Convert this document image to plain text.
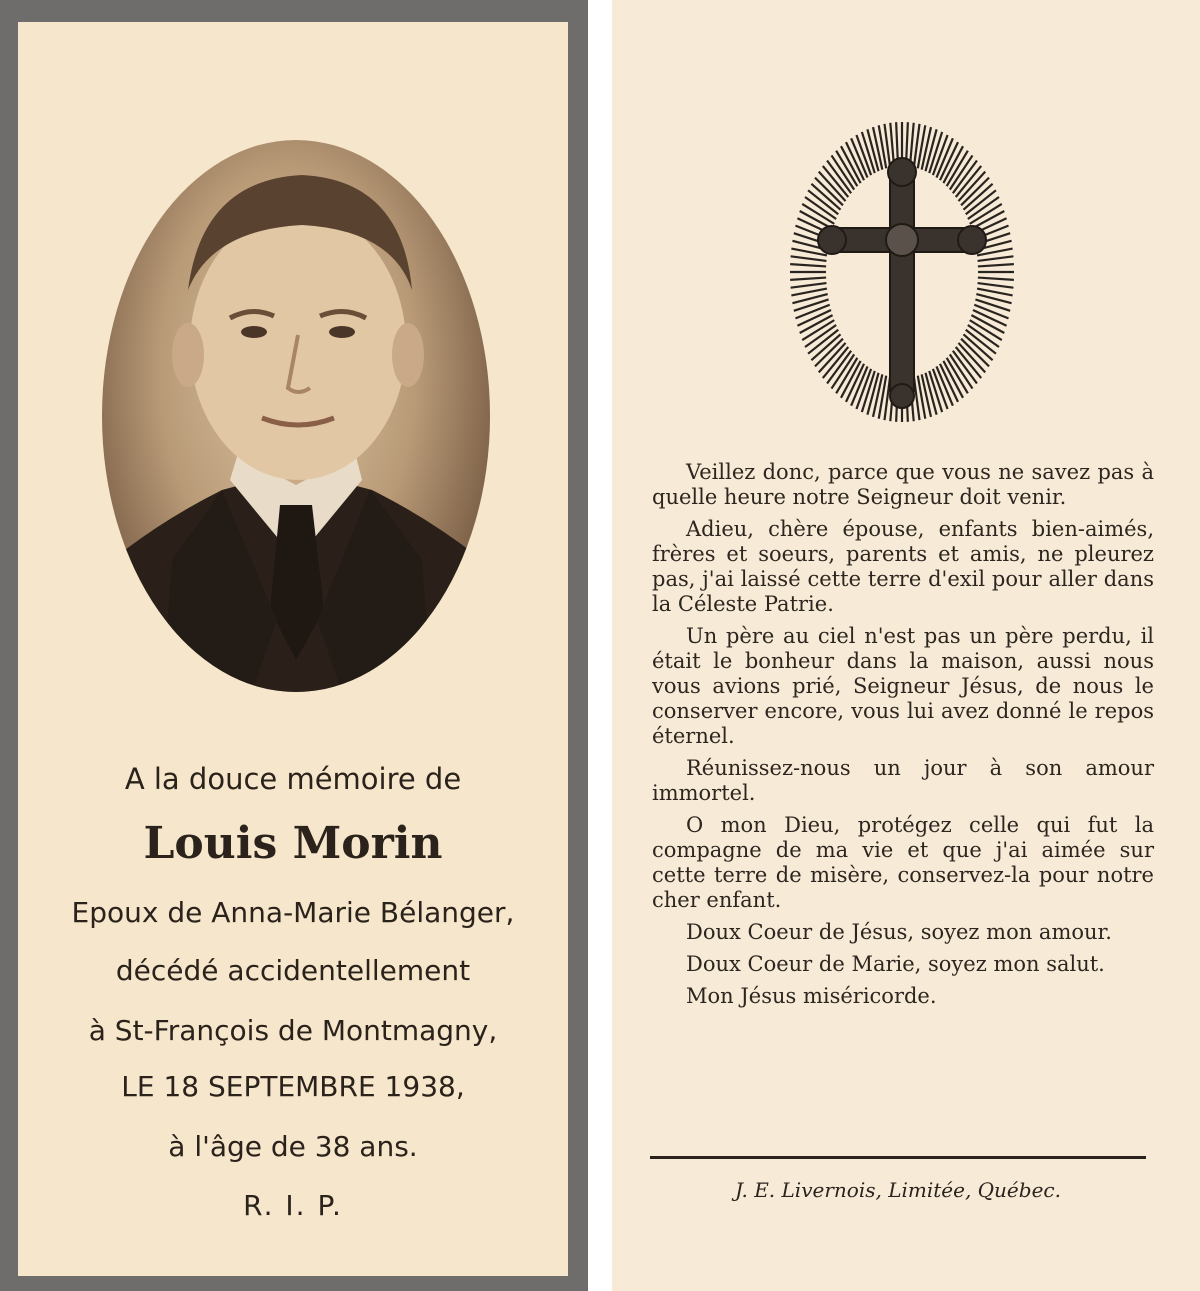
A la douce mémoire de
Louis Morin
Epoux de Anna-Marie Bélanger,
décédé accidentellement
à St-François de Montmagny,
LE 18 SEPTEMBRE 1938,
à l'âge de 38 ans.
R. I. P.

Veillez donc, parce que vous ne savez pas à quelle heure notre Seigneur doit venir.

Adieu, chère épouse, enfants bien-aimés, frères et soeurs, parents et amis, ne pleurez pas, j'ai laissé cette terre d'exil pour aller dans la Céleste Patrie.

Un père au ciel n'est pas un père perdu, il était le bonheur dans la maison, aussi nous vous avions prié, Seigneur Jésus, de nous le conserver encore, vous lui avez donné le repos éternel.

Réunissez-nous un jour à son amour immortel.

O mon Dieu, protégez celle qui fut la compagne de ma vie et que j'ai aimée sur cette terre de misère, conservez-la pour notre cher enfant.

Doux Coeur de Jésus, soyez mon amour.

Doux Coeur de Marie, soyez mon salut.

Mon Jésus miséricorde.

J. E. Livernois, Limitée, Québec.
